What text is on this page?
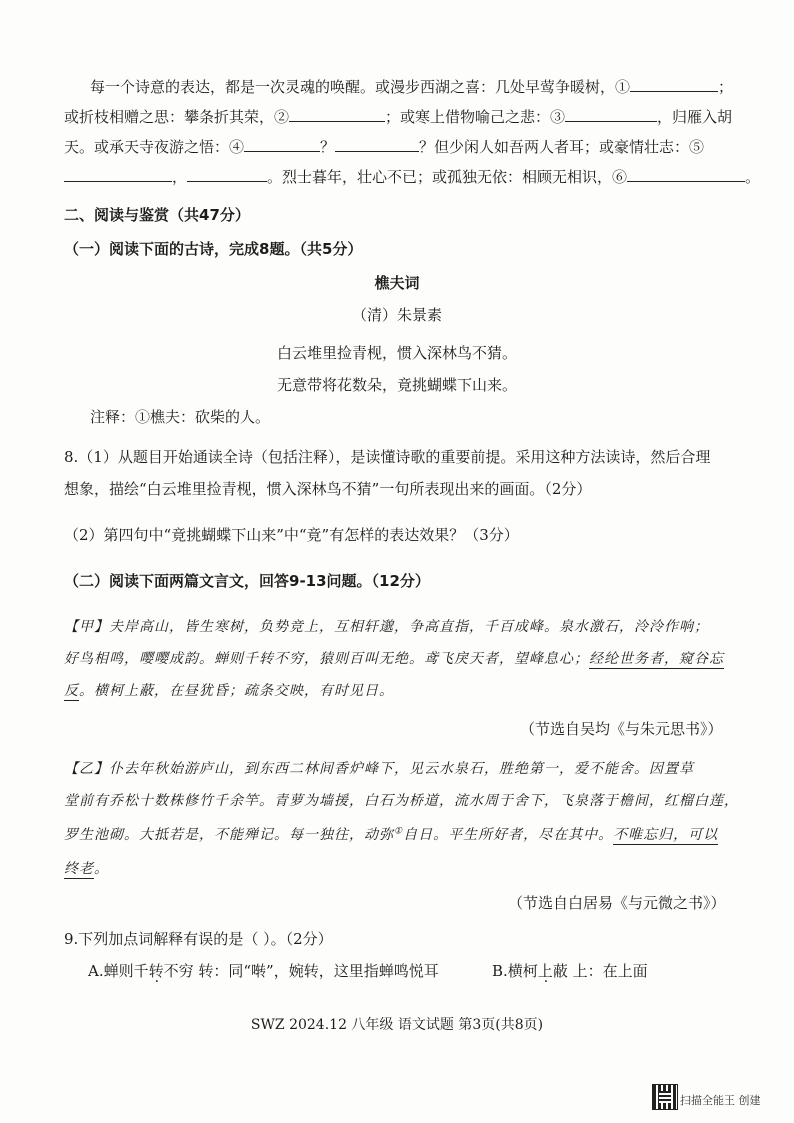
每一个诗意的表达，都是一次灵魂的唤醒。或漫步西湖之喜：几处早莺争暖树，①	；
或折枝相赠之思：攀条折其荣，②	；或寒上借物喻己之悲：③	，归雁入胡
天。或承天寺夜游之悟：④	？	？但少闲人如吾两人者耳；或豪情壮志：⑤
，	。烈士暮年，壮心不已；或孤独无依：相顾无相识，⑥	。
二、阅读与鉴赏（共47分）
（一）阅读下面的古诗，完成8题。（共5分）
樵夫词
（清）朱景素
白云堆里捡青枧，惯入深林鸟不猜。
无意带将花数朵，竟挑蝴蝶下山来。
注释：①樵夫：砍柴的人。
8.（1）从题目开始通读全诗（包括注释），是读懂诗歌的重要前提。采用这种方法读诗，然后合理
想象，描绘“白云堆里捡青枧，惯入深林鸟不猜”一句所表现出来的画面。（2分）
（2）第四句中“竟挑蝴蝶下山来”中“竟”有怎样的表达效果？（3分）
（二）阅读下面两篇文言文，回答9-13问题。（12分）
【甲】夫岸高山，皆生寒树，负势竞上，互相轩邈，争高直指，千百成峰。泉水激石，泠泠作响；
好鸟相鸣，嘤嘤成韵。蝉则千转不穷，猿则百叫无绝。鸢飞戾天者，望峰息心；经纶世务者，窥谷忘
反。横柯上蔽，在昼犹昏；疏条交映，有时见日。
（节选自吴均《与朱元思书》）
【乙】仆去年秋始游庐山，到东西二林间香炉峰下，见云水泉石，胜绝第一，爱不能舍。因置草
堂前有乔松十数株修竹千余竿。青萝为墙援，白石为桥道，流水周于舍下，飞泉落于檐间，红榴白莲，
罗生池砌。大抵若是，不能殚记。每一独往，动弥①自日。平生所好者，尽在其中。不唯忘归，可以
终老。
（节选自白居易《与元微之书》）
9.下列加点词解释有误的是（ ）。（2分）
A.蝉则千转不穷 转：同“啭”，婉转，这里指蝉鸣悦耳	B.横柯上蔽 上：在上面
SWZ 2024.12 八年级 语文试题 第3页(共8页)
扫描全能王 创建
